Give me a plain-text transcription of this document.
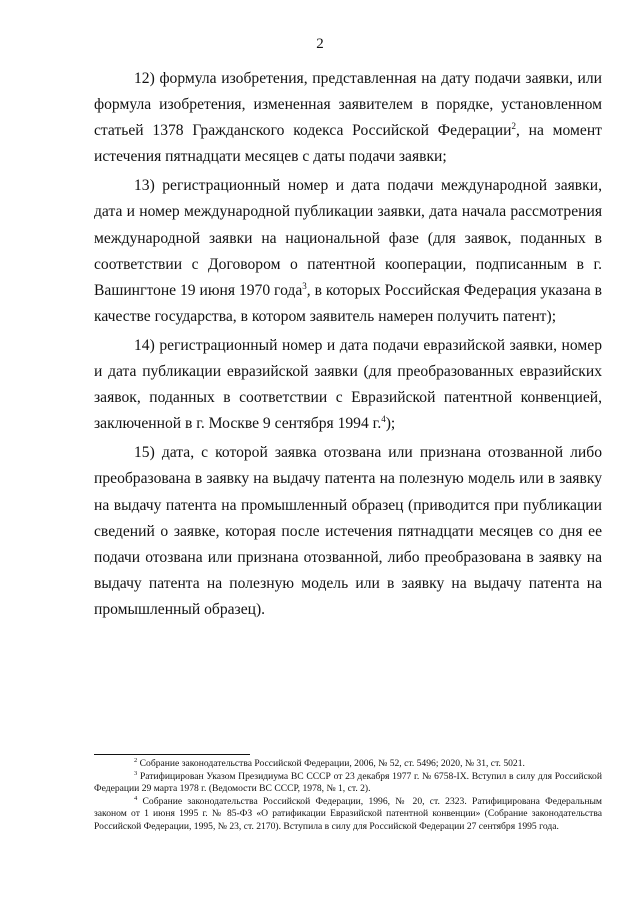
2

12) формула изобретения, представленная на дату подачи заявки, или формула изобретения, измененная заявителем в порядке, установленном статьей 1378 Гражданского кодекса Российской Федерации$^2$, на момент истечения пятнадцати месяцев с даты подачи заявки;

13) регистрационный номер и дата подачи международной заявки, дата и номер международной публикации заявки, дата начала рассмотрения международной заявки на национальной фазе (для заявок, поданных в соответствии с Договором о патентной кооперации, подписанным в г. Вашингтоне 19 июня 1970 года$^3$, в которых Российская Федерация указана в качестве государства, в котором заявитель намерен получить патент);

14) регистрационный номер и дата подачи евразийской заявки, номер и дата публикации евразийской заявки (для преобразованных евразийских заявок, поданных в соответствии с Евразийской патентной конвенцией, заключенной в г. Москве 9 сентября 1994 г.$^4$);

15) дата, с которой заявка отозвана или признана отозванной либо преобразована в заявку на выдачу патента на полезную модель или в заявку на выдачу патента на промышленный образец (приводится при публикации сведений о заявке, которая после истечения пятнадцати месяцев со дня ее подачи отозвана или признана отозванной, либо преобразована в заявку на выдачу патента на полезную модель или в заявку на выдачу патента на промышленный образец).

$^2$ Собрание законодательства Российской Федерации, 2006, № 52, ст. 5496; 2020, № 31, ст. 5021.

$^3$ Ратифицирован Указом Президиума ВС СССР от 23 декабря 1977 г. № 6758-IX. Вступил в силу для Российской Федерации 29 марта 1978 г. (Ведомости ВС СССР, 1978, № 1, ст. 2).

$^4$ Собрание законодательства Российской Федерации, 1996, № 20, ст. 2323. Ратифицирована Федеральным законом от 1 июня 1995 г. № 85-ФЗ «О ратификации Евразийской патентной конвенции» (Собрание законодательства Российской Федерации, 1995, № 23, ст. 2170). Вступила в силу для Российской Федерации 27 сентября 1995 года.
